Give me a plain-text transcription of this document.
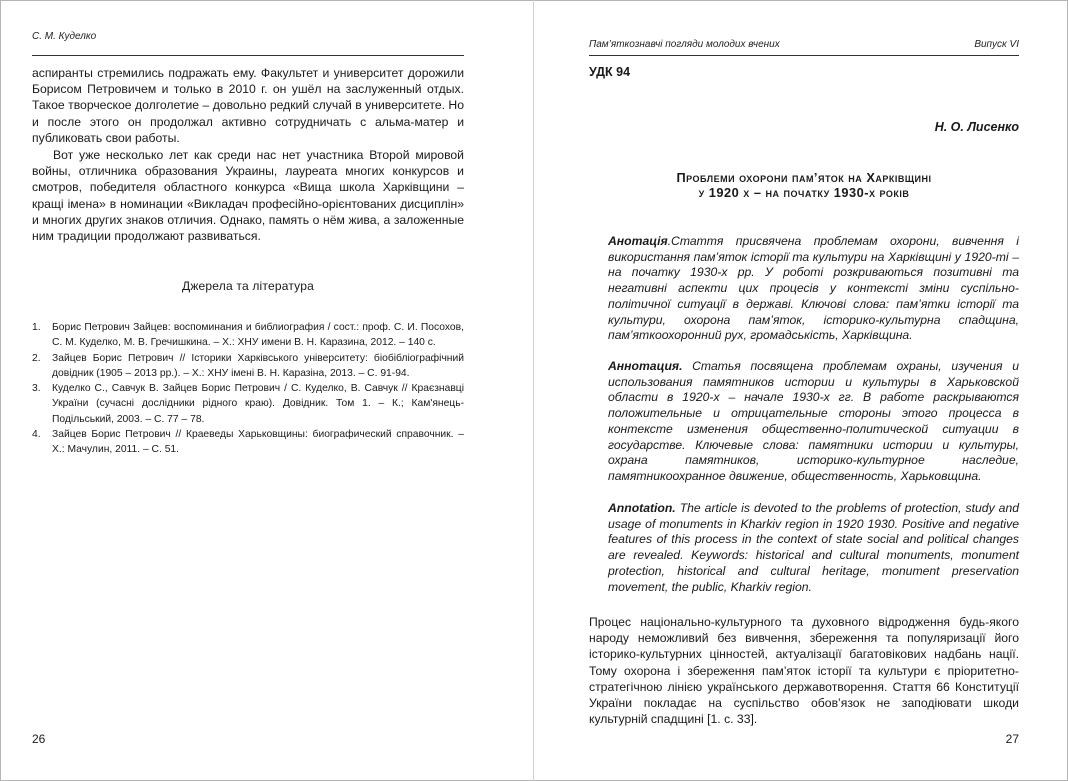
С. М. Куделко

аспиранты стремились подражать ему. Факультет и университет дорожили Борисом Петровичем и только в 2010 г. он ушёл на заслуженный отдых. Такое творческое долголетие – довольно редкий случай в университете. Но и после этого он продолжал активно сотрудничать с альма-матер и публиковать свои работы.

Вот уже несколько лет как среди нас нет участника Второй мировой войны, отличника образования Украины, лауреата многих конкурсов и смотров, победителя областного конкурса «Вища школа Харківщини – кращі імена» в номинации «Викладач професійно-орієнтованих дисциплін» и многих других знаков отличия. Однако, память о нём жива, а заложенные ним традиции продолжают развиваться.

Джерела та література
1. Борис Петрович Зайцев: воспоминания и библиография / сост.: проф. С. И. Посохов, С. М. Куделко, М. В. Гречишкина. – Х.: ХНУ имени В. Н. Каразина, 2012. – 140 с.
2. Зайцев Борис Петрович // Історики Харківського університету: біобібліографічний довідник (1905 – 2013 рр.). – Х.: ХНУ імені В. Н. Каразіна, 2013. – С. 91-94.
3. Куделко С., Савчук В. Зайцев Борис Петрович / С. Куделко, В. Савчук // Краєзнавці України (сучасні дослідники рідного краю). Довідник. Том 1. – К.; Кам'янець-Подільський, 2003. – С. 77 – 78.
4. Зайцев Борис Петрович // Краеведы Харьковщины: биографический справочник. – Х.: Мачулин, 2011. – С. 51.
26
Пам’яткознавчі погляди молодих вчених	Випуск VI
УДК 94
Н. О. Лисенко
Проблеми охорони пам’яток на Харківщині
у 1920 х – на початку 1930-х років
Анотація.Стаття присвячена проблемам охорони, вивчення і використання пам’яток історії та культури на Харківщині у 1920-ті – на початку 1930-х рр. У роботі розкриваються позитивні та негативні аспекти цих процесів у контексті зміни суспільно-політичної ситуації в державі. Ключові слова: пам’ятки історії та культури, охорона пам’яток, історико-культурна спадщина, пам’яткоохоронний рух, громадськість, Харківщина.
Аннотация. Статья посвящена проблемам охраны, изучения и использования памятников истории и культуры в Харьковской области в 1920-х – начале 1930-х гг. В работе раскрываются положительные и отрицательные стороны этого процесса в контексте изменения общественно-политической ситуации в государстве. Ключевые слова: памятники истории и культуры, охрана памятников, историко-культурное наследие, памятникоохранное движение, общественность, Харьковщина.
Annotation. The article is devoted to the problems of protection, study and usage of monuments in Kharkiv region in 1920 1930. Positive and negative features of this process in the context of state social and political changes are revealed. Keywords: historical and cultural monuments, monument protection, historical and cultural heritage, monument preservation movement, the public, Kharkiv region.

Процес національно-культурного та духовного відродження будь-якого народу неможливий без вивчення, збереження та популяризації його історико-культурних цінностей, актуалізації багатовікових надбань нації. Тому охорона і збереження пам’яток історії та культури є пріоритетно-стратегічною лінією українського державотворення. Стаття 66 Конституції України покладає на суспільство обов’язок не заподіювати шкоди культурній спадщині [1. с. 33].

27
